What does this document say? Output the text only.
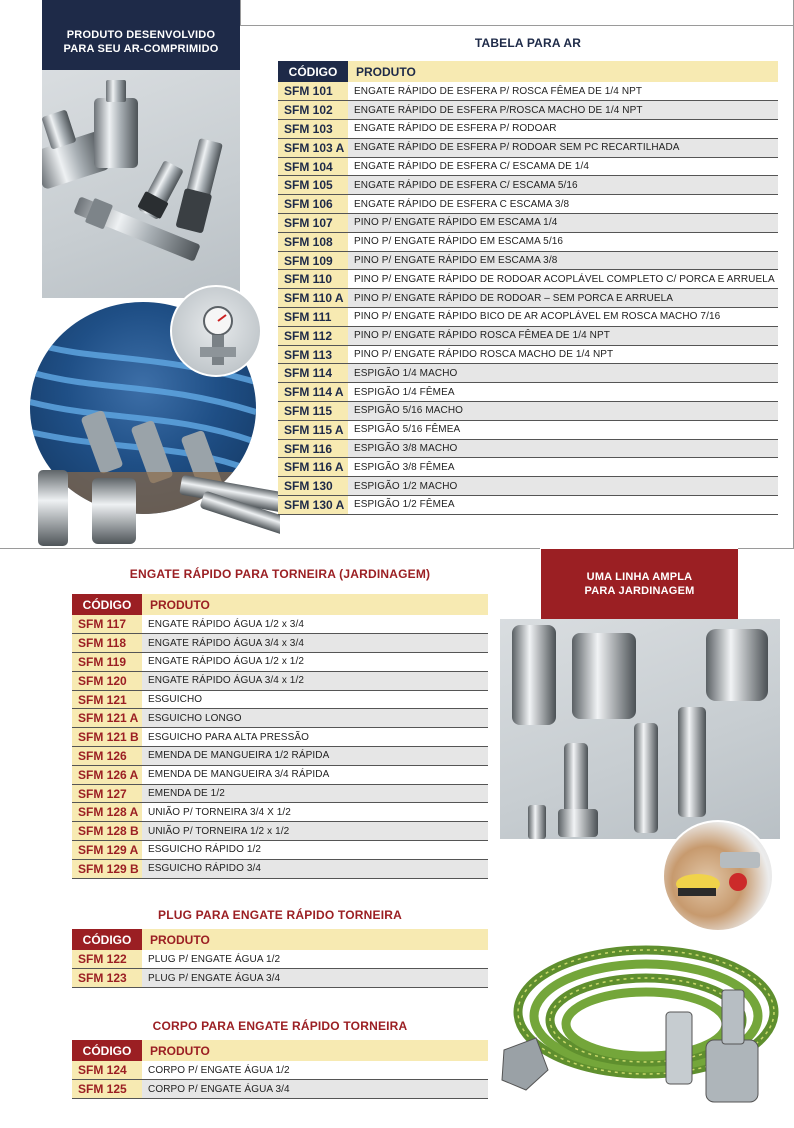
PRODUTO DESENVOLVIDO PARA SEU AR-COMPRIMIDO	TABELA PARA AR
CÓDIGO	PRODUTO
SFM 101	ENGATE RÁPIDO DE ESFERA P/ ROSCA FÊMEA DE 1/4 NPT
SFM 102	ENGATE RÁPIDO DE ESFERA P/ROSCA MACHO DE 1/4 NPT
SFM 103	ENGATE RÁPIDO DE ESFERA P/ RODOAR
SFM 103 A	ENGATE RÁPIDO DE ESFERA P/ RODOAR SEM PC RECARTILHADA
SFM 104	ENGATE RÁPIDO DE ESFERA C/ ESCAMA DE 1/4
SFM 105	ENGATE RÁPIDO DE ESFERA C/ ESCAMA 5/16
SFM 106	ENGATE RÁPIDO DE ESFERA C ESCAMA 3/8
SFM 107	PINO P/ ENGATE RÁPIDO EM ESCAMA 1/4
SFM 108	PINO P/ ENGATE RÁPIDO EM ESCAMA 5/16
SFM 109	PINO P/ ENGATE RÁPIDO EM ESCAMA 3/8
SFM 110	PINO P/ ENGATE RÁPIDO DE RODOAR ACOPLÁVEL COMPLETO C/ PORCA E ARRUELA
SFM 110 A	PINO P/ ENGATE RÁPIDO DE RODOAR – SEM PORCA E ARRUELA
SFM 111	PINO P/ ENGATE RÁPIDO BICO DE AR ACOPLÁVEL EM ROSCA MACHO 7/16
SFM 112	PINO P/ ENGATE RÁPIDO ROSCA FÊMEA DE 1/4 NPT
SFM 113	PINO P/ ENGATE RÁPIDO ROSCA MACHO DE 1/4 NPT
SFM 114	ESPIGÃO 1/4 MACHO
SFM 114 A	ESPIGÃO 1/4 FÊMEA
SFM 115	ESPIGÃO 5/16 MACHO
SFM 115 A	ESPIGÃO 5/16 FÊMEA
SFM 116	ESPIGÃO 3/8 MACHO
SFM 116 A	ESPIGÃO 3/8 FÊMEA
SFM 130	ESPIGÃO 1/2 MACHO
SFM 130 A	ESPIGÃO 1/2 FÊMEA
UMA LINHA AMPLA PARA JARDINAGEM
ENGATE RÁPIDO PARA TORNEIRA (JARDINAGEM)
CÓDIGO	PRODUTO
SFM 117	ENGATE RÁPIDO ÁGUA 1/2 x 3/4
SFM 118	ENGATE RÁPIDO ÁGUA 3/4 x 3/4
SFM 119	ENGATE RÁPIDO ÁGUA 1/2 x 1/2
SFM 120	ENGATE RÁPIDO ÁGUA 3/4 x 1/2
SFM 121	ESGUICHO
SFM 121 A	ESGUICHO LONGO
SFM 121 B	ESGUICHO PARA ALTA PRESSÃO
SFM 126	EMENDA DE MANGUEIRA 1/2 RÁPIDA
SFM 126 A	EMENDA DE MANGUEIRA 3/4 RÁPIDA
SFM 127	EMENDA DE 1/2
SFM 128 A	UNIÃO P/ TORNEIRA 3/4 X 1/2
SFM 128 B	UNIÃO P/ TORNEIRA 1/2 x 1/2
SFM 129 A	ESGUICHO RÁPIDO 1/2
SFM 129 B	ESGUICHO RÁPIDO 3/4
PLUG PARA ENGATE RÁPIDO TORNEIRA
CÓDIGO	PRODUTO
SFM 122	PLUG P/ ENGATE ÁGUA 1/2
SFM 123	PLUG P/ ENGATE ÁGUA 3/4
CORPO PARA ENGATE RÁPIDO TORNEIRA
CÓDIGO	PRODUTO
SFM 124	CORPO P/ ENGATE ÁGUA 1/2
SFM 125	CORPO P/ ENGATE ÁGUA 3/4
